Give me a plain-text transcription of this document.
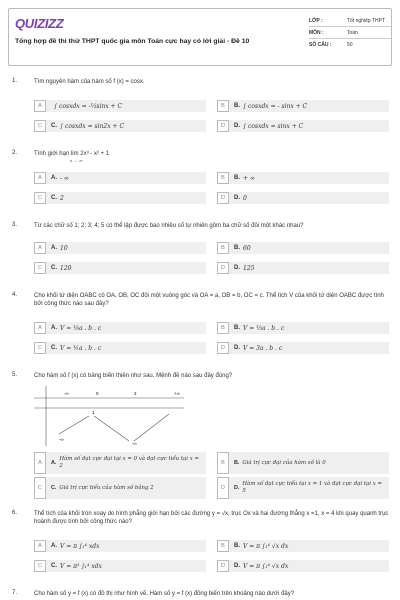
QUIZIZZ
Tổng hợp đề thi thử THPT quốc gia môn Toán cực hay có lời giải - Đề 10
LỚP :	Tốt nghiệp THPT
MÔN :	Toán
SỐ CÂU :	50
1.	Tìm nguyên hàm của hàm số f (x) = cosx.
A	∫ cosxdx = -⅓sinx + C	B	B. ∫ cosxdx = - sinx + C
C	C. ∫ cosxdx = sin2x + C	D	D. ∫ cosxdx = sinx + C
2.	Tính giới hạn lim 2x³ - x² + 1
x → -∞
A	A. - ∞	B	B. + ∞
C	C. 2	D	D. 0
3.	Từ các chữ số 1; 2; 3; 4; 5 có thể lập được bao nhiêu số tự nhiên gồm ba chữ số đôi một khác nhau?
A	A. 10	B	B. 60
C	C. 120	D	D. 125
4.	Cho khối tứ diện OABC có OA, OB, OC đôi một vuông góc và OA = a, OB = b, OC = c. Thể tích V của khối tứ diện OABC được tính bởi công thức nào sau đây?
A	A. V = ⅙a . b . c	B	B. V = ⅓a . b . c
C	C. V = ½a . b . c	D	D. V = 3a . b . c
5.	Cho hàm số f (x) có bảng biến thiên như sau. Mệnh đề nào sau đây đúng?
-∞	0	2	+∞
-∞
1
-∞
A	A.
Hàm số đạt cực đại tại x = 0 và đạt cực tiểu tại x = 2	B	B. Giá trị cực đại của hàm số là 0
C	C. Giá trị cực tiểu của hàm số bằng 2	D	D.
Hàm số đạt cực tiểu tại x = 1 và đạt cực đại tại x = 5
6.	Thể tích của khối tròn xoay do hình phẳng giới hạn bởi các đường y = √x, trục Ox và hai đường thẳng x =1, x = 4 khi quay quanh trục hoành được tính bởi công thức nào?
A	A. V = π ∫₁⁴ xdx	B	B. V = π ∫₁⁴ √x dx
C	C. V = π² ∫₁⁴ xdx	D	D. V = π ∫₁⁴ √x dx
7.	Cho hàm số y = f (x) có đồ thị như hình vẽ. Hàm số y = f (x) đồng biến trên khoảng nào dưới đây?
